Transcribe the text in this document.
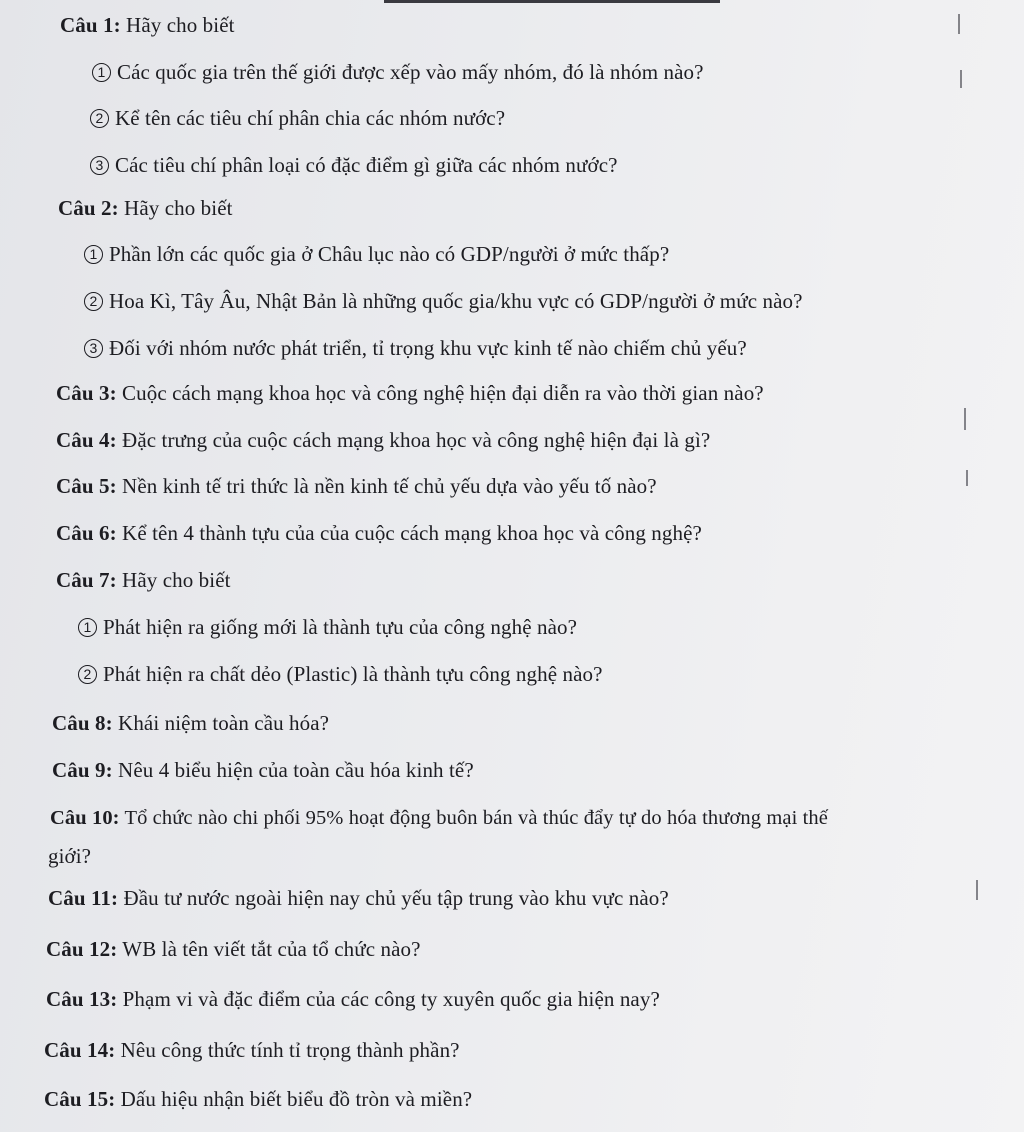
Câu 1: Hãy cho biết
1 Các quốc gia trên thế giới được xếp vào mấy nhóm, đó là nhóm nào?
2 Kể tên các tiêu chí phân chia các nhóm nước?
3 Các tiêu chí phân loại có đặc điểm gì giữa các nhóm nước?
Câu 2: Hãy cho biết
1 Phần lớn các quốc gia ở Châu lục nào có GDP/người ở mức thấp?
2 Hoa Kì, Tây Âu, Nhật Bản là những quốc gia/khu vực có GDP/người ở mức nào?
3 Đối với nhóm nước phát triển, tỉ trọng khu vực kinh tế nào chiếm chủ yếu?
Câu 3: Cuộc cách mạng khoa học và công nghệ hiện đại diễn ra vào thời gian nào?
Câu 4: Đặc trưng của cuộc cách mạng khoa học và công nghệ hiện đại là gì?
Câu 5: Nền kinh tế tri thức là nền kinh tế chủ yếu dựa vào yếu tố nào?
Câu 6: Kể tên 4 thành tựu của của cuộc cách mạng khoa học và công nghệ?
Câu 7: Hãy cho biết
1 Phát hiện ra giống mới là thành tựu của công nghệ nào?
2 Phát hiện ra chất dẻo (Plastic) là thành tựu công nghệ nào?
Câu 8: Khái niệm toàn cầu hóa?
Câu 9: Nêu 4 biểu hiện của toàn cầu hóa kinh tế?
Câu 10: Tổ chức nào chi phối 95% hoạt động buôn bán và thúc đẩy tự do hóa thương mại thế
giới?
Câu 11: Đầu tư nước ngoài hiện nay chủ yếu tập trung vào khu vực nào?
Câu 12: WB là tên viết tắt của tổ chức nào?
Câu 13: Phạm vi và đặc điểm của các công ty xuyên quốc gia hiện nay?
Câu 14: Nêu công thức tính tỉ trọng thành phần?
Câu 15: Dấu hiệu nhận biết biểu đồ tròn và miền?
